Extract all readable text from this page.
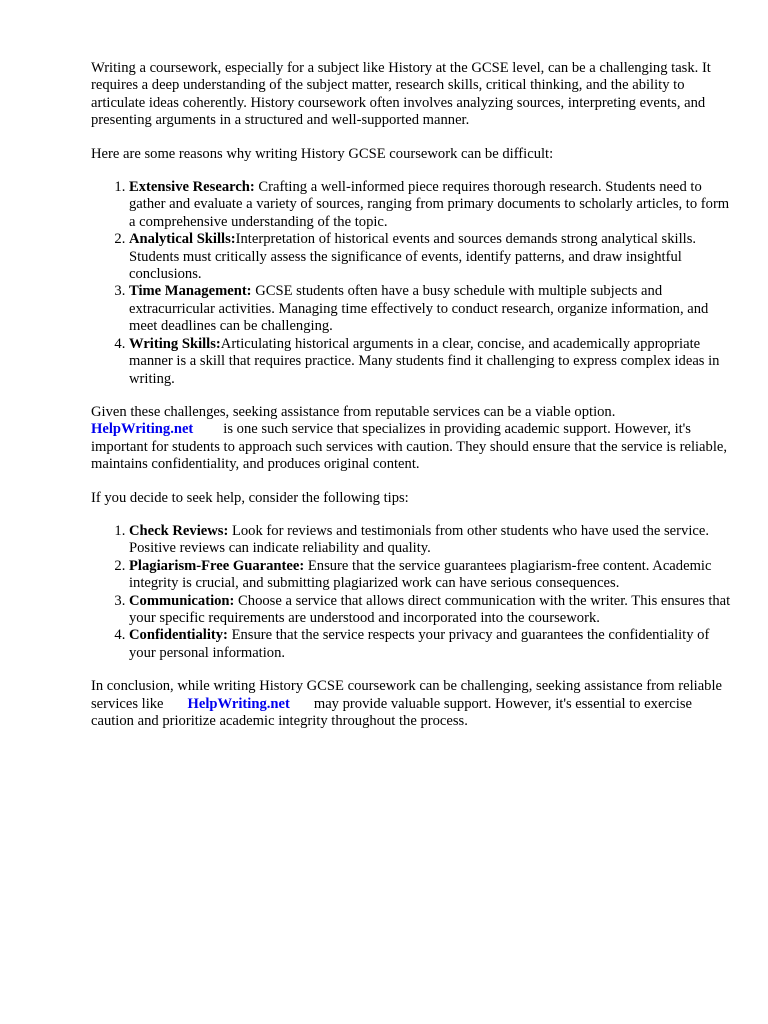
Writing a coursework, especially for a subject like History at the GCSE level, can be a challenging task. It requires a deep understanding of the subject matter, research skills, critical thinking, and the ability to articulate ideas coherently. History coursework often involves analyzing sources, interpreting events, and presenting arguments in a structured and well-supported manner.

Here are some reasons why writing History GCSE coursework can be difficult:

1. Extensive Research: Crafting a well-informed piece requires thorough research. Students need to gather and evaluate a variety of sources, ranging from primary documents to scholarly articles, to form a comprehensive understanding of the topic.
2. Analytical Skills:Interpretation of historical events and sources demands strong analytical skills. Students must critically assess the significance of events, identify patterns, and draw insightful conclusions.
3. Time Management: GCSE students often have a busy schedule with multiple subjects and extracurricular activities. Managing time effectively to conduct research, organize information, and meet deadlines can be challenging.
4. Writing Skills:Articulating historical arguments in a clear, concise, and academically appropriate manner is a skill that requires practice. Many students find it challenging to express complex ideas in writing.

Given these challenges, seeking assistance from reputable services can be a viable option.
HelpWriting.net is one such service that specializes in providing academic support. However, it's important for students to approach such services with caution. They should ensure that the service is reliable, maintains confidentiality, and produces original content.

If you decide to seek help, consider the following tips:

1. Check Reviews: Look for reviews and testimonials from other students who have used the service. Positive reviews can indicate reliability and quality.
2. Plagiarism-Free Guarantee: Ensure that the service guarantees plagiarism-free content. Academic integrity is crucial, and submitting plagiarized work can have serious consequences.
3. Communication: Choose a service that allows direct communication with the writer. This ensures that your specific requirements are understood and incorporated into the coursework.
4. Confidentiality: Ensure that the service respects your privacy and guarantees the confidentiality of your personal information.

In conclusion, while writing History GCSE coursework can be challenging, seeking assistance from reliable services like HelpWriting.net may provide valuable support. However, it's essential to exercise caution and prioritize academic integrity throughout the process.
